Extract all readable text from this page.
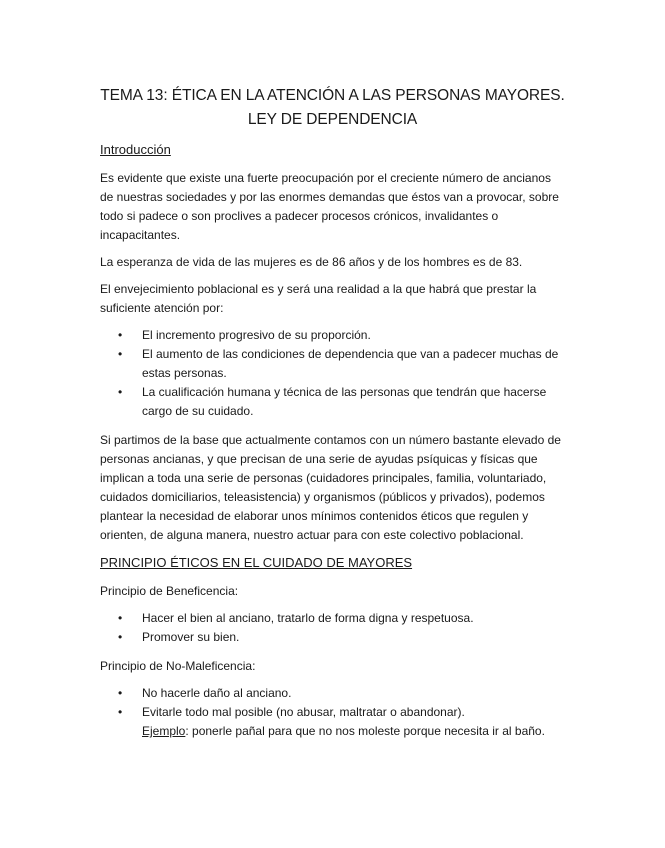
TEMA 13: ÉTICA EN LA ATENCIÓN A LAS PERSONAS MAYORES.
LEY DE DEPENDENCIA
Introducción

Es evidente que existe una fuerte preocupación por el creciente número de ancianos de nuestras sociedades y por las enormes demandas que éstos van a provocar, sobre todo si padece o son proclives a padecer procesos crónicos, invalidantes o incapacitantes.

La esperanza de vida de las mujeres es de 86 años y de los hombres es de 83.

El envejecimiento poblacional es y será una realidad a la que habrá que prestar la suficiente atención por:

• El incremento progresivo de su proporción.
• El aumento de las condiciones de dependencia que van a padecer muchas de estas personas.
• La cualificación humana y técnica de las personas que tendrán que hacerse cargo de su cuidado.

Si partimos de la base que actualmente contamos con un número bastante elevado de personas ancianas, y que precisan de una serie de ayudas psíquicas y físicas que implican a toda una serie de personas (cuidadores principales, familia, voluntariado, cuidados domiciliarios, teleasistencia) y organismos (públicos y privados), podemos plantear la necesidad de elaborar unos mínimos contenidos éticos que regulen y orienten, de alguna manera, nuestro actuar para con este colectivo poblacional.

PRINCIPIO ÉTICOS EN EL CUIDADO DE MAYORES

Principio de Beneficencia:

• Hacer el bien al anciano, tratarlo de forma digna y respetuosa.
• Promover su bien.

Principio de No-Maleficencia:

• No hacerle daño al anciano.
• Evitarle todo mal posible (no abusar, maltratar o abandonar).
Ejemplo: ponerle pañal para que no nos moleste porque necesita ir al baño.
